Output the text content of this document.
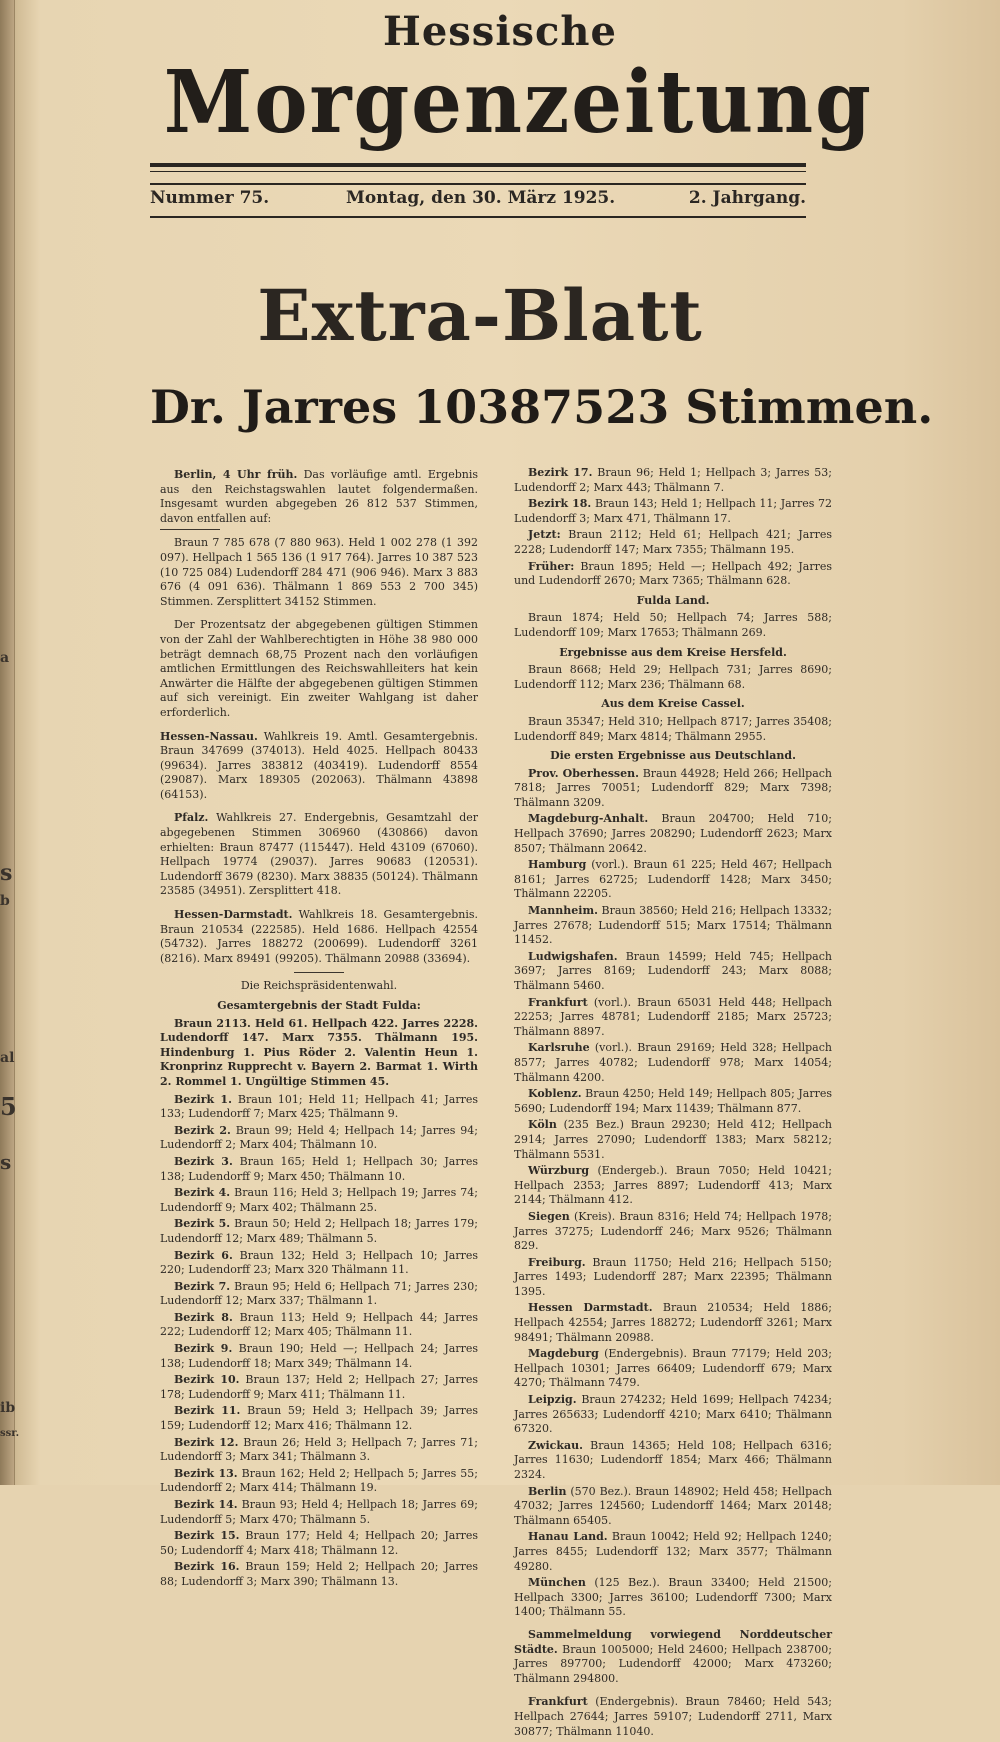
a
s
b
al
5
s
ib
ssr.
Hessische
Morgenzeitung
Nummer 75.	Montag, den 30. März 1925.	2. Jahrgang.
Extra-Blatt
Dr. Jarres 10387523 Stimmen.

Berlin, 4 Uhr früh. Das vorläufige amtl. Ergebnis aus den Reichstagswahlen lautet folgendermaßen. Insgesamt wurden abgegeben 26 812 537 Stimmen, davon entfallen auf:

Braun 7 785 678 (7 880 963). Held 1 002 278 (1 392 097). Hellpach 1 565 136 (1 917 764). Jarres 10 387 523 (10 725 084) Ludendorff 284 471 (906 946). Marx 3 883 676 (4 091 636). Thälmann 1 869 553 2 700 345) Stimmen. Zersplittert 34152 Stimmen.

Der Prozentsatz der abgegebenen gültigen Stimmen von der Zahl der Wahlberechtigten in Höhe 38 980 000 beträgt demnach 68,75 Prozent nach den vorläufigen amtlichen Ermittlungen des Reichswahlleiters hat kein Anwärter die Hälfte der abgegebenen gültigen Stimmen auf sich vereinigt. Ein zweiter Wahlgang ist daher erforderlich.

Hessen-Nassau. Wahlkreis 19. Amtl. Gesamtergebnis. Braun 347699 (374013). Held 4025. Hellpach 80433 (99634). Jarres 383812 (403419). Ludendorff 8554 (29087). Marx 189305 (202063). Thälmann 43898 (64153).

Pfalz. Wahlkreis 27. Endergebnis, Gesamtzahl der abgegebenen Stimmen 306960 (430866) davon erhielten: Braun 87477 (115447). Held 43109 (67060). Hellpach 19774 (29037). Jarres 90683 (120531). Ludendorff 3679 (8230). Marx 38835 (50124). Thälmann 23585 (34951). Zersplittert 418.

Hessen-Darmstadt. Wahlkreis 18. Gesamtergebnis. Braun 210534 (222585). Held 1686. Hellpach 42554 (54732). Jarres 188272 (200699). Ludendorff 3261 (8216). Marx 89491 (99205). Thälmann 20988 (33694).

Die Reichspräsidentenwahl.
Gesamtergebnis der Stadt Fulda:

Braun 2113. Held 61. Hellpach 422. Jarres 2228. Ludendorff 147. Marx 7355. Thälmann 195. Hindenburg 1. Pius Röder 2. Valentin Heun 1. Kronprinz Rupprecht v. Bayern 2. Barmat 1. Wirth 2. Rommel 1. Ungültige Stimmen 45.

Bezirk 1. Braun 101; Held 11; Hellpach 41; Jarres 133; Ludendorff 7; Marx 425; Thälmann 9.

Bezirk 2. Braun 99; Held 4; Hellpach 14; Jarres 94; Ludendorff 2; Marx 404; Thälmann 10.

Bezirk 3. Braun 165; Held 1; Hellpach 30; Jarres 138; Ludendorff 9; Marx 450; Thälmann 10.

Bezirk 4. Braun 116; Held 3; Hellpach 19; Jarres 74; Ludendorff 9; Marx 402; Thälmann 25.

Bezirk 5. Braun 50; Held 2; Hellpach 18; Jarres 179; Ludendorff 12; Marx 489; Thälmann 5.

Bezirk 6. Braun 132; Held 3; Hellpach 10; Jarres 220; Ludendorff 23; Marx 320 Thälmann 11.

Bezirk 7. Braun 95; Held 6; Hellpach 71; Jarres 230; Ludendorff 12; Marx 337; Thälmann 1.

Bezirk 8. Braun 113; Held 9; Hellpach 44; Jarres 222; Ludendorff 12; Marx 405; Thälmann 11.

Bezirk 9. Braun 190; Held —; Hellpach 24; Jarres 138; Ludendorff 18; Marx 349; Thälmann 14.

Bezirk 10. Braun 137; Held 2; Hellpach 27; Jarres 178; Ludendorff 9; Marx 411; Thälmann 11.

Bezirk 11. Braun 59; Held 3; Hellpach 39; Jarres 159; Ludendorff 12; Marx 416; Thälmann 12.

Bezirk 12. Braun 26; Held 3; Hellpach 7; Jarres 71; Ludendorff 3; Marx 341; Thälmann 3.

Bezirk 13. Braun 162; Held 2; Hellpach 5; Jarres 55; Ludendorff 2; Marx 414; Thälmann 19.

Bezirk 14. Braun 93; Held 4; Hellpach 18; Jarres 69; Ludendorff 5; Marx 470; Thälmann 5.

Bezirk 15. Braun 177; Held 4; Hellpach 20; Jarres 50; Ludendorff 4; Marx 418; Thälmann 12.

Bezirk 16. Braun 159; Held 2; Hellpach 20; Jarres 88; Ludendorff 3; Marx 390; Thälmann 13.

Bezirk 17. Braun 96; Held 1; Hellpach 3; Jarres 53; Ludendorff 2; Marx 443; Thälmann 7.

Bezirk 18. Braun 143; Held 1; Hellpach 11; Jarres 72 Ludendorff 3; Marx 471, Thälmann 17.

Jetzt: Braun 2112; Held 61; Hellpach 421; Jarres 2228; Ludendorff 147; Marx 7355; Thälmann 195.

Früher: Braun 1895; Held —; Hellpach 492; Jarres und Ludendorff 2670; Marx 7365; Thälmann 628.

Fulda Land.

Braun 1874; Held 50; Hellpach 74; Jarres 588; Ludendorff 109; Marx 17653; Thälmann 269.

Ergebnisse aus dem Kreise Hersfeld.

Braun 8668; Held 29; Hellpach 731; Jarres 8690; Ludendorff 112; Marx 236; Thälmann 68.

Aus dem Kreise Cassel.

Braun 35347; Held 310; Hellpach 8717; Jarres 35408; Ludendorff 849; Marx 4814; Thälmann 2955.

Die ersten Ergebnisse aus Deutschland.

Prov. Oberhessen. Braun 44928; Held 266; Hellpach 7818; Jarres 70051; Ludendorff 829; Marx 7398; Thälmann 3209.

Magdeburg-Anhalt. Braun 204700; Held 710; Hellpach 37690; Jarres 208290; Ludendorff 2623; Marx 8507; Thälmann 20642.

Hamburg (vorl.). Braun 61 225; Held 467; Hellpach 8161; Jarres 62725; Ludendorff 1428; Marx 3450; Thälmann 22205.

Mannheim. Braun 38560; Held 216; Hellpach 13332; Jarres 27678; Ludendorff 515; Marx 17514; Thälmann 11452.

Ludwigshafen. Braun 14599; Held 745; Hellpach 3697; Jarres 8169; Ludendorff 243; Marx 8088; Thälmann 5460.

Frankfurt (vorl.). Braun 65031 Held 448; Hellpach 22253; Jarres 48781; Ludendorff 2185; Marx 25723; Thälmann 8897.

Karlsruhe (vorl.). Braun 29169; Held 328; Hellpach 8577; Jarres 40782; Ludendorff 978; Marx 14054; Thälmann 4200.

Koblenz. Braun 4250; Held 149; Hellpach 805; Jarres 5690; Ludendorff 194; Marx 11439; Thälmann 877.

Köln (235 Bez.) Braun 29230; Held 412; Hellpach 2914; Jarres 27090; Ludendorff 1383; Marx 58212; Thälmann 5531.

Würzburg (Endergeb.). Braun 7050; Held 10421; Hellpach 2353; Jarres 8897; Ludendorff 413; Marx 2144; Thälmann 412.

Siegen (Kreis). Braun 8316; Held 74; Hellpach 1978; Jarres 37275; Ludendorff 246; Marx 9526; Thälmann 829.

Freiburg. Braun 11750; Held 216; Hellpach 5150; Jarres 1493; Ludendorff 287; Marx 22395; Thälmann 1395.

Hessen Darmstadt. Braun 210534; Held 1886; Hellpach 42554; Jarres 188272; Ludendorff 3261; Marx 98491; Thälmann 20988.

Magdeburg (Endergebnis). Braun 77179; Held 203; Hellpach 10301; Jarres 66409; Ludendorff 679; Marx 4270; Thälmann 7479.

Leipzig. Braun 274232; Held 1699; Hellpach 74234; Jarres 265633; Ludendorff 4210; Marx 6410; Thälmann 67320.

Zwickau. Braun 14365; Held 108; Hellpach 6316; Jarres 11630; Ludendorff 1854; Marx 466; Thälmann 2324.

Berlin (570 Bez.). Braun 148902; Held 458; Hellpach 47032; Jarres 124560; Ludendorff 1464; Marx 20148; Thälmann 65405.

Hanau Land. Braun 10042; Held 92; Hellpach 1240; Jarres 8455; Ludendorff 132; Marx 3577; Thälmann 49280.

München (125 Bez.). Braun 33400; Held 21500; Hellpach 3300; Jarres 36100; Ludendorff 7300; Marx 1400; Thälmann 55.

Sammelmeldung vorwiegend Norddeutscher Städte. Braun 1005000; Held 24600; Hellpach 238700; Jarres 897700; Ludendorff 42000; Marx 473260; Thälmann 294800.

Frankfurt (Endergebnis). Braun 78460; Held 543; Hellpach 27644; Jarres 59107; Ludendorff 2711, Marx 30877; Thälmann 11040.
